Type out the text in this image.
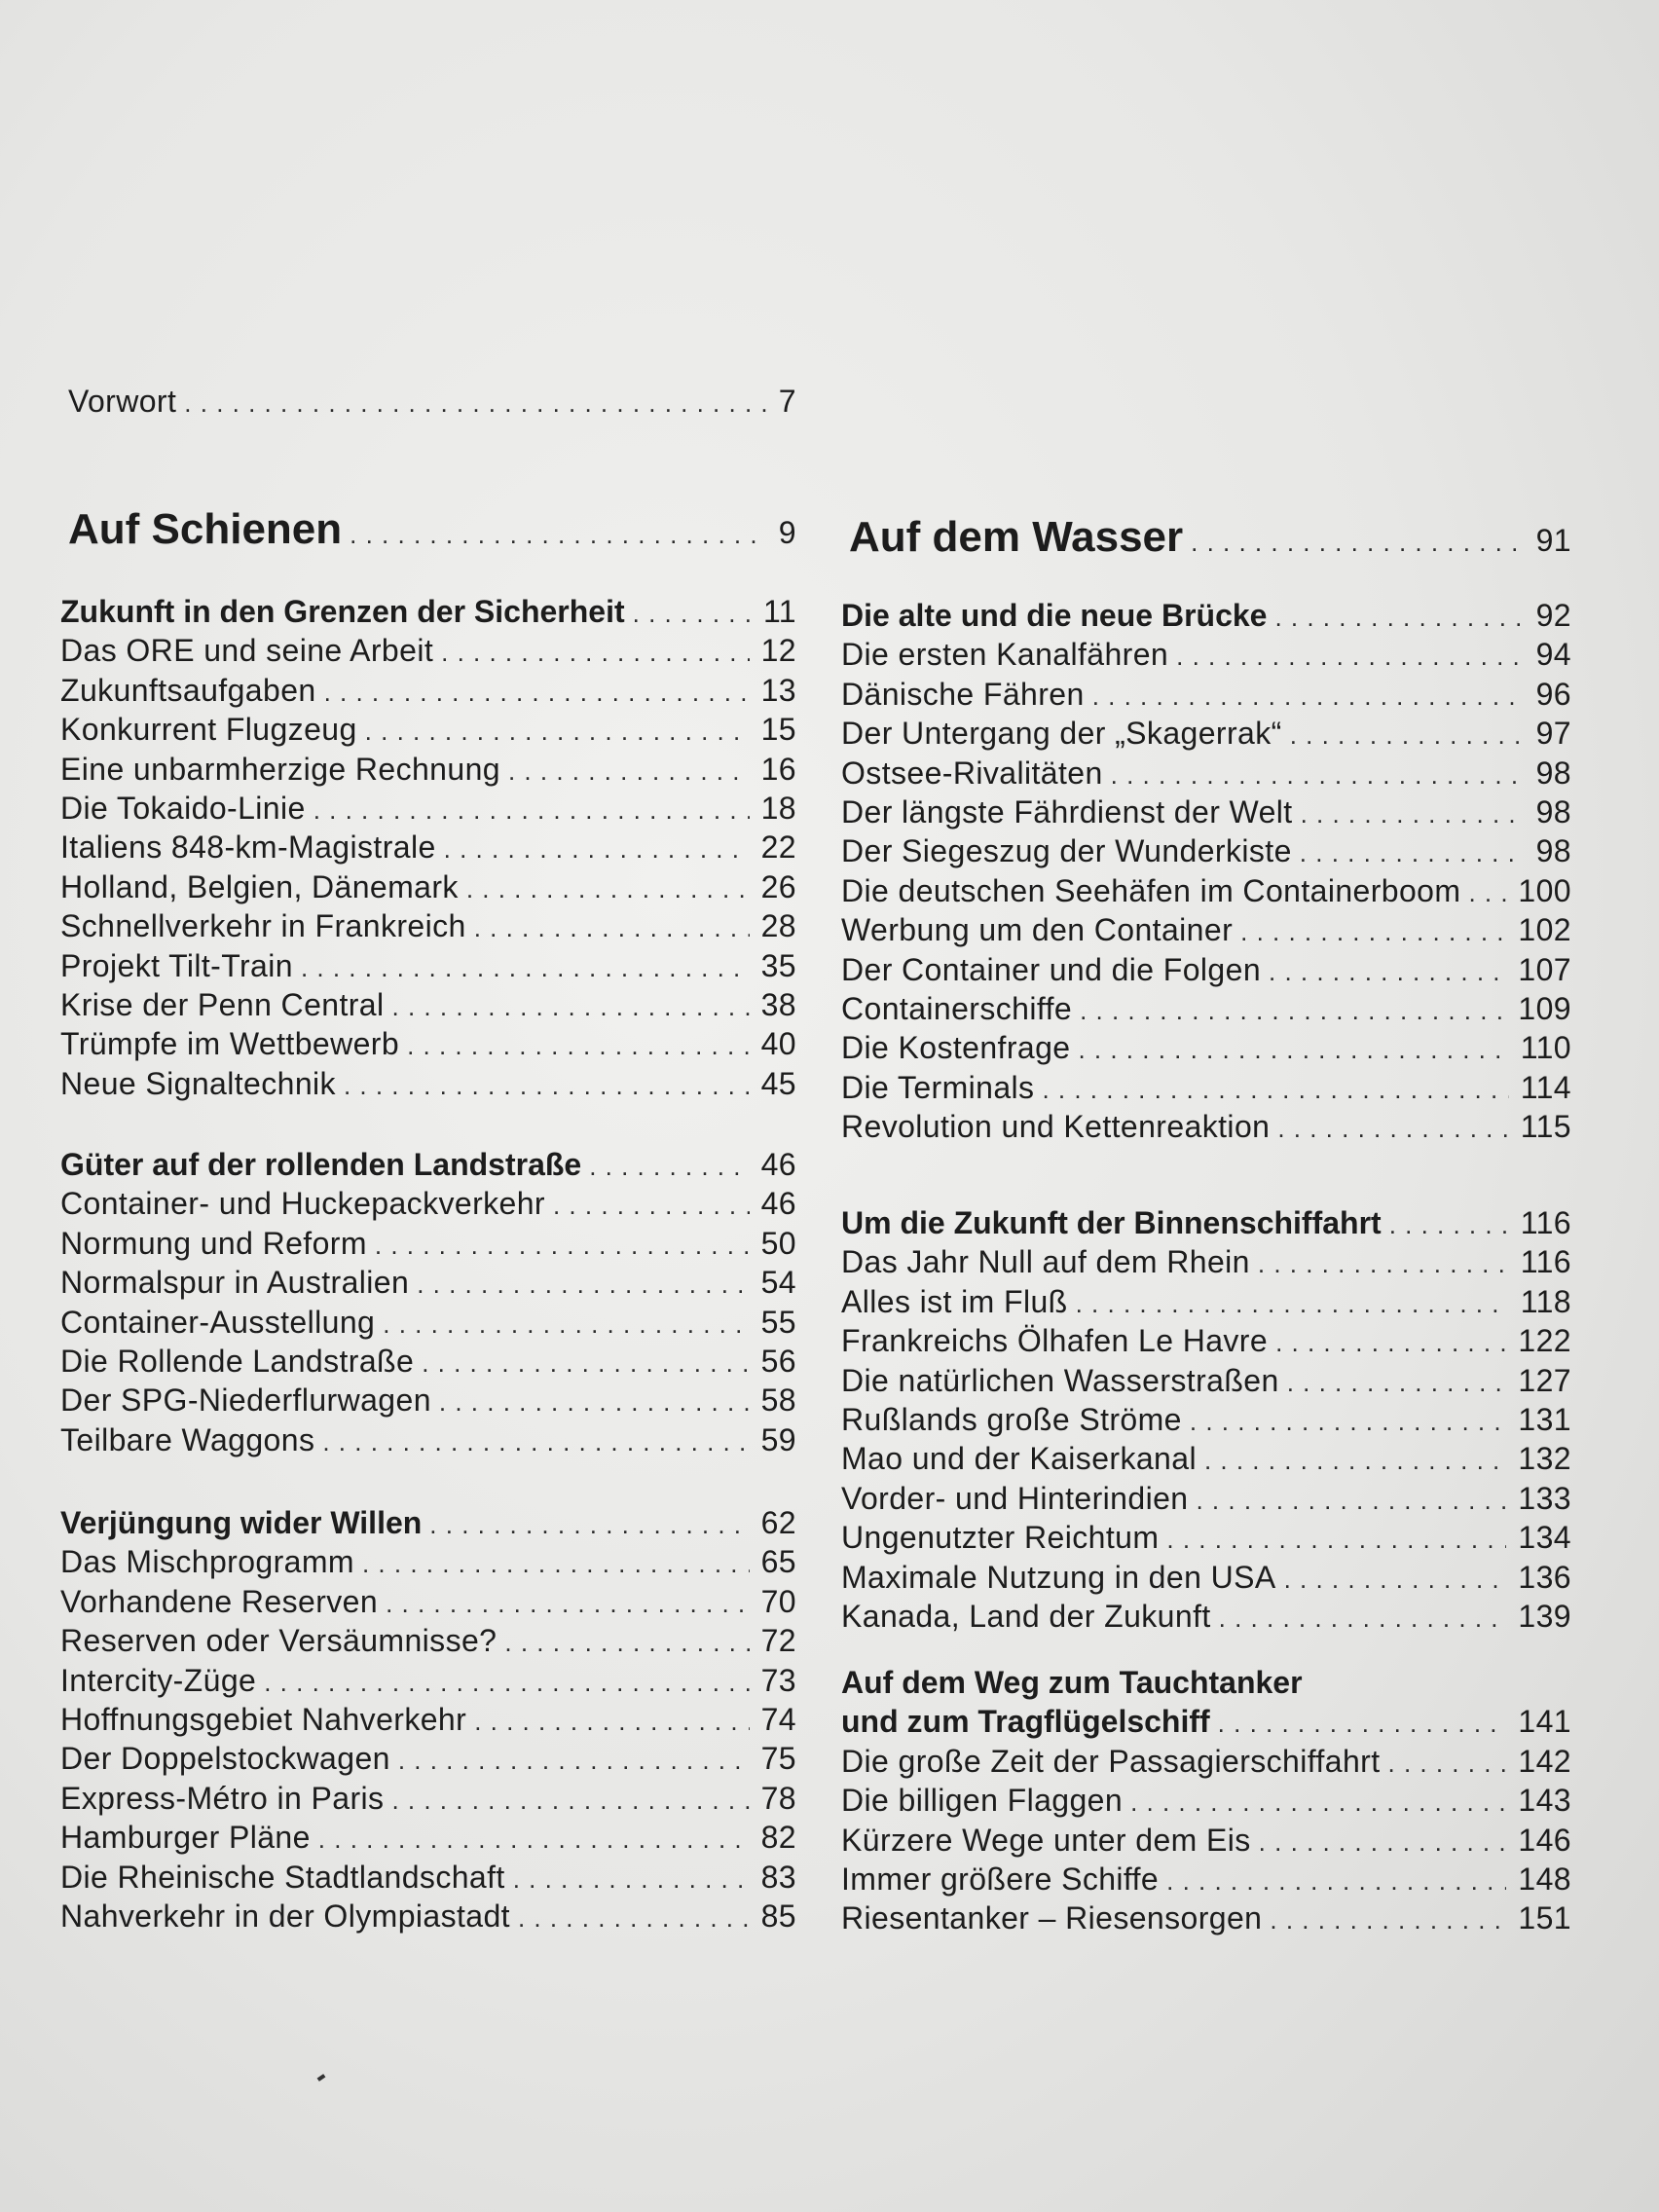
Vorwort . . .	7
Auf Schienen . . .	9
Zukunft in den Grenzen der Sicherheit . . .	11
Das ORE und seine Arbeit . . .	12
Zukunftsaufgaben . . .	13
Konkurrent Flugzeug . . .	15
Eine unbarmherzige Rechnung . . .	16
Die Tokaido-Linie . . .	18
Italiens 848-km-Magistrale . . .	22
Holland, Belgien, Dänemark . . .	26
Schnellverkehr in Frankreich . . .	28
Projekt Tilt-Train . . .	35
Krise der Penn Central . . .	38
Trümpfe im Wettbewerb . . .	40
Neue Signaltechnik . . .	45
Güter auf der rollenden Landstraße . . .	46
Container- und Huckepackverkehr . . .	46
Normung und Reform . . .	50
Normalspur in Australien . . .	54
Container-Ausstellung . . .	55
Die Rollende Landstraße . . .	56
Der SPG-Niederflurwagen . . .	58
Teilbare Waggons . . .	59
Verjüngung wider Willen . . .	62
Das Mischprogramm . . .	65
Vorhandene Reserven . . .	70
Reserven oder Versäumnisse? . . .	72
Intercity-Züge . . .	73
Hoffnungsgebiet Nahverkehr . . .	74
Der Doppelstockwagen . . .	75
Express-Métro in Paris . . .	78
Hamburger Pläne . . .	82
Die Rheinische Stadtlandschaft . . .	83
Nahverkehr in der Olympiastadt . . .	85
Auf dem Wasser . . .	91
Die alte und die neue Brücke . . .	92
Die ersten Kanalfähren . . .	94
Dänische Fähren . . .	96
Der Untergang der „Skagerrak“ . . .	97
Ostsee-Rivalitäten . . .	98
Der längste Fährdienst der Welt . . .	98
Der Siegeszug der Wunderkiste . . .	98
Die deutschen Seehäfen im Containerboom . . . 100
Werbung um den Container . . .	102
Der Container und die Folgen . . .	107
Containerschiffe . . .	109
Die Kostenfrage . . .	110
Die Terminals . . .	114
Revolution und Kettenreaktion . . .	115
Um die Zukunft der Binnenschiffahrt . . .	116
Das Jahr Null auf dem Rhein . . .	116
Alles ist im Fluß . . .	118
Frankreichs Ölhafen Le Havre . . .	122
Die natürlichen Wasserstraßen . . .	127
Rußlands große Ströme . . .	131
Mao und der Kaiserkanal . . .	132
Vorder- und Hinterindien . . .	133
Ungenutzter Reichtum . . .	134
Maximale Nutzung in den USA . . .	136
Kanada, Land der Zukunft . . .	139
Auf dem Weg zum Tauchtanker
und zum Tragflügelschiff . . .	141
Die große Zeit der Passagierschiffahrt . . .	142
Die billigen Flaggen . . .	143
Kürzere Wege unter dem Eis . . .	146
Immer größere Schiffe . . .	148
Riesentanker – Riesensorgen . . .	151
